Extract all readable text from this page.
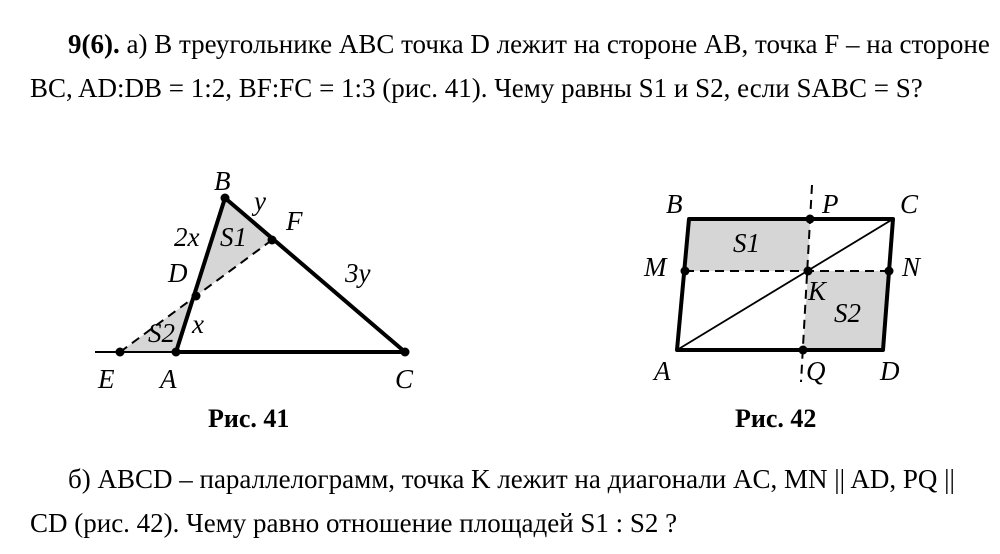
9(6). а) В треугольнике ABC точка D лежит на стороне AB, точка F – на стороне BC, AD:DB = 1:2, BF:FC = 1:3 (рис. 41). Чему равны S1 и S2, если SABC = S?
B
y
F
2x S1
D	3y
x
S2
E A	C
B	P C
S1
M	N
K
S2
A	Q D
Рис. 41	Рис. 42
б) ABCD – параллелограмм, точка K лежит на диагонали AC, MN || AD, PQ || CD (рис. 42). Чему равно отношение площадей S1 : S2 ?
